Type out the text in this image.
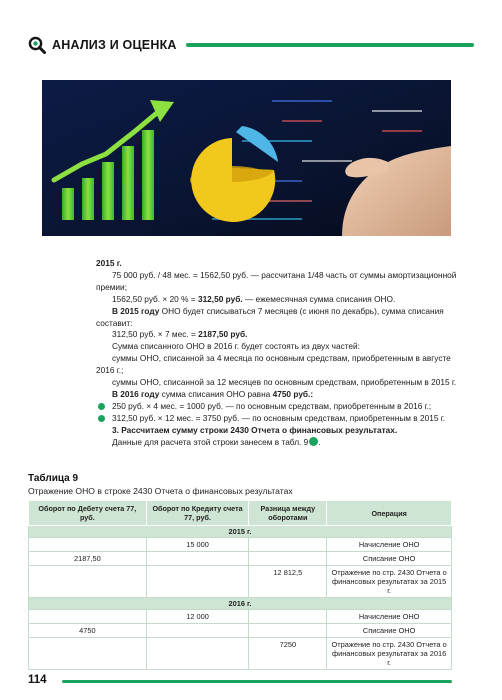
АНАЛИЗ И ОЦЕНКА

2015 г.

75 000 руб. / 48 мес. = 1562,50 руб. — рассчитана 1/48 часть от суммы амортизационной премии;

1562,50 руб. × 20 % = 312,50 руб. — ежемесячная сумма списания ОНО.

В 2015 году ОНО будет списываться 7 месяцев (с июня по декабрь), сумма списания составит:

312,50 руб. × 7 мес. = 2187,50 руб.

Сумма списанного ОНО в 2016 г. будет состоять из двух частей:

суммы ОНО, списанной за 4 месяца по основным средствам, приобретенным в августе 2016 г.;

суммы ОНО, списанной за 12 месяцев по основным средствам, приобретенным в 2015 г.

В 2016 году сумма списания ОНО равна 4750 руб.:

250 руб. × 4 мес. = 1000 руб. — по основным средствам, приобретенным в 2016 г.;

312,50 руб. × 12 мес. = 3750 руб. — по основным средствам, приобретенным в 2015 г.

3. Рассчитаем сумму строки 2430 Отчета о финансовых результатах.

Данные для расчета этой строки занесем в табл. 9 .

Таблица 9
Отражение ОНО в строке 2430 Отчета о финансовых результатах
Оборот по Дебету счета 77, руб.	Оборот по Кредиту счета 77, руб.	Разница между оборотами	Операция
2015 г.			
	15 000		Начисление ОНО
2187,50			Списание ОНО
		12 812,5	Отражение по стр. 2430 Отчета о финансовых результатах за 2015 г.
2016 г.			
	12 000		Начисление ОНО
4750			Списание ОНО
		7250	Отражение по стр. 2430 Отчета о финансовых результатах за 2016 г.
114
